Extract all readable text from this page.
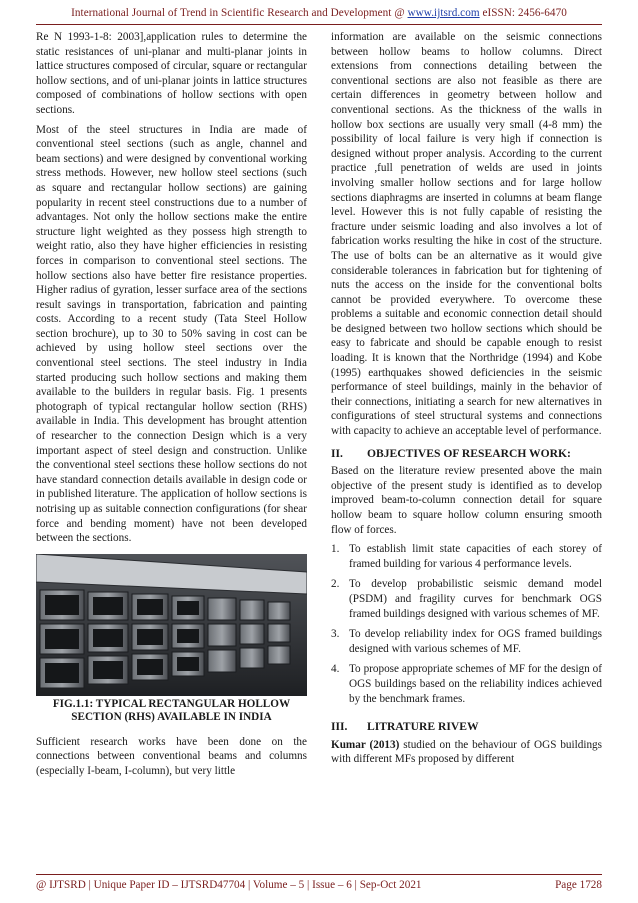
International Journal of Trend in Scientific Research and Development @ www.ijtsrd.com eISSN: 2456-6470

Re N 1993-1-8: 2003],application rules to determine the static resistances of uni-planar and multi-planar joints in lattice structures composed of circular, square or rectangular hollow sections, and of uni-planar joints in lattice structures composed of combinations of hollow sections with open sections.

Most of the steel structures in India are made of conventional steel sections (such as angle, channel and beam sections) and were designed by conventional working stress methods. However, new hollow steel sections (such as square and rectangular hollow sections) are gaining popularity in recent steel constructions due to a number of advantages. Not only the hollow sections make the entire structure light weighted as they possess high strength to weight ratio, also they have higher efficiencies in resisting forces in comparison to conventional steel sections. The hollow sections also have better fire resistance properties. Higher radius of gyration, lesser surface area of the sections result savings in transportation, fabrication and painting costs. According to a recent study (Tata Steel Hollow section brochure), up to 30 to 50% saving in cost can be achieved by using hollow steel sections over the conventional steel sections. The steel industry in India started producing such hollow sections and making them available to the builders in regular basis. Fig. 1 presents photograph of typical rectangular hollow section (RHS) available in India. This development has brought attention of researcher to the connection Design which is a very important aspect of steel design and construction. Unlike the conventional steel sections these hollow sections do not have standard connection details available in design code or in published literature. The application of hollow sections is notrising up as suitable connection configurations (for shear force and bending moment) have not been developed between the sections.

FIG.1.1: TYPICAL RECTANGULAR HOLLOW SECTION (RHS) AVAILABLE IN INDIA

Sufficient research works have been done on the connections between conventional beams and columns (especially I-beam, I-column), but very little

information are available on the seismic connections between hollow beams to hollow columns. Direct extensions from connections detailing between the conventional sections are also not feasible as there are certain differences in geometry between hollow and conventional sections. As the thickness of the walls in hollow box sections are usually very small (4-8 mm) the possibility of local failure is very high if connection is designed without proper analysis. According to the current practice ,full penetration of welds are used in joints involving smaller hollow sections and for large hollow sections diaphragms are inserted in columns at beam flange level. However this is not fully capable of resisting the fracture under seismic loading and also involves a lot of fabrication works resulting the hike in cost of the structure. The use of bolts can be an alternative as it would give considerable tolerances in fabrication but for tightening of nuts the access on the inside for the conventional bolts cannot be provided everywhere. To overcome these problems a suitable and economic connection detail should be designed between two hollow sections which should be easy to fabricate and should be capable enough to resist loading. It is known that the Northridge (1994) and Kobe (1995) earthquakes showed deficiencies in the seismic performance of steel buildings, mainly in the behavior of their connections, initiating a search for new alternatives in configurations of steel structural systems and connections with capacity to achieve an acceptable level of performance.

II. OBJECTIVES OF RESEARCH WORK:

Based on the literature review presented above the main objective of the present study is identified as to develop improved beam-to-column connection detail for square hollow beam to square hollow column ensuring smooth flow of forces.

1. To establish limit state capacities of each storey of framed building for various 4 performance levels.
2. To develop probabilistic seismic demand model (PSDM) and fragility curves for benchmark OGS framed buildings designed with various schemes of MF.
3. To develop reliability index for OGS framed buildings designed with various schemes of MF.
4. To propose appropriate schemes of MF for the design of OGS buildings based on the reliability indices achieved by the benchmark frames.
III. LITRATURE RIVEW

Kumar (2013) studied on the behaviour of OGS buildings with different MFs proposed by different

@ IJTSRD | Unique Paper ID – IJTSRD47704 | Volume – 5 | Issue – 6 | Sep-Oct 2021	Page 1728
